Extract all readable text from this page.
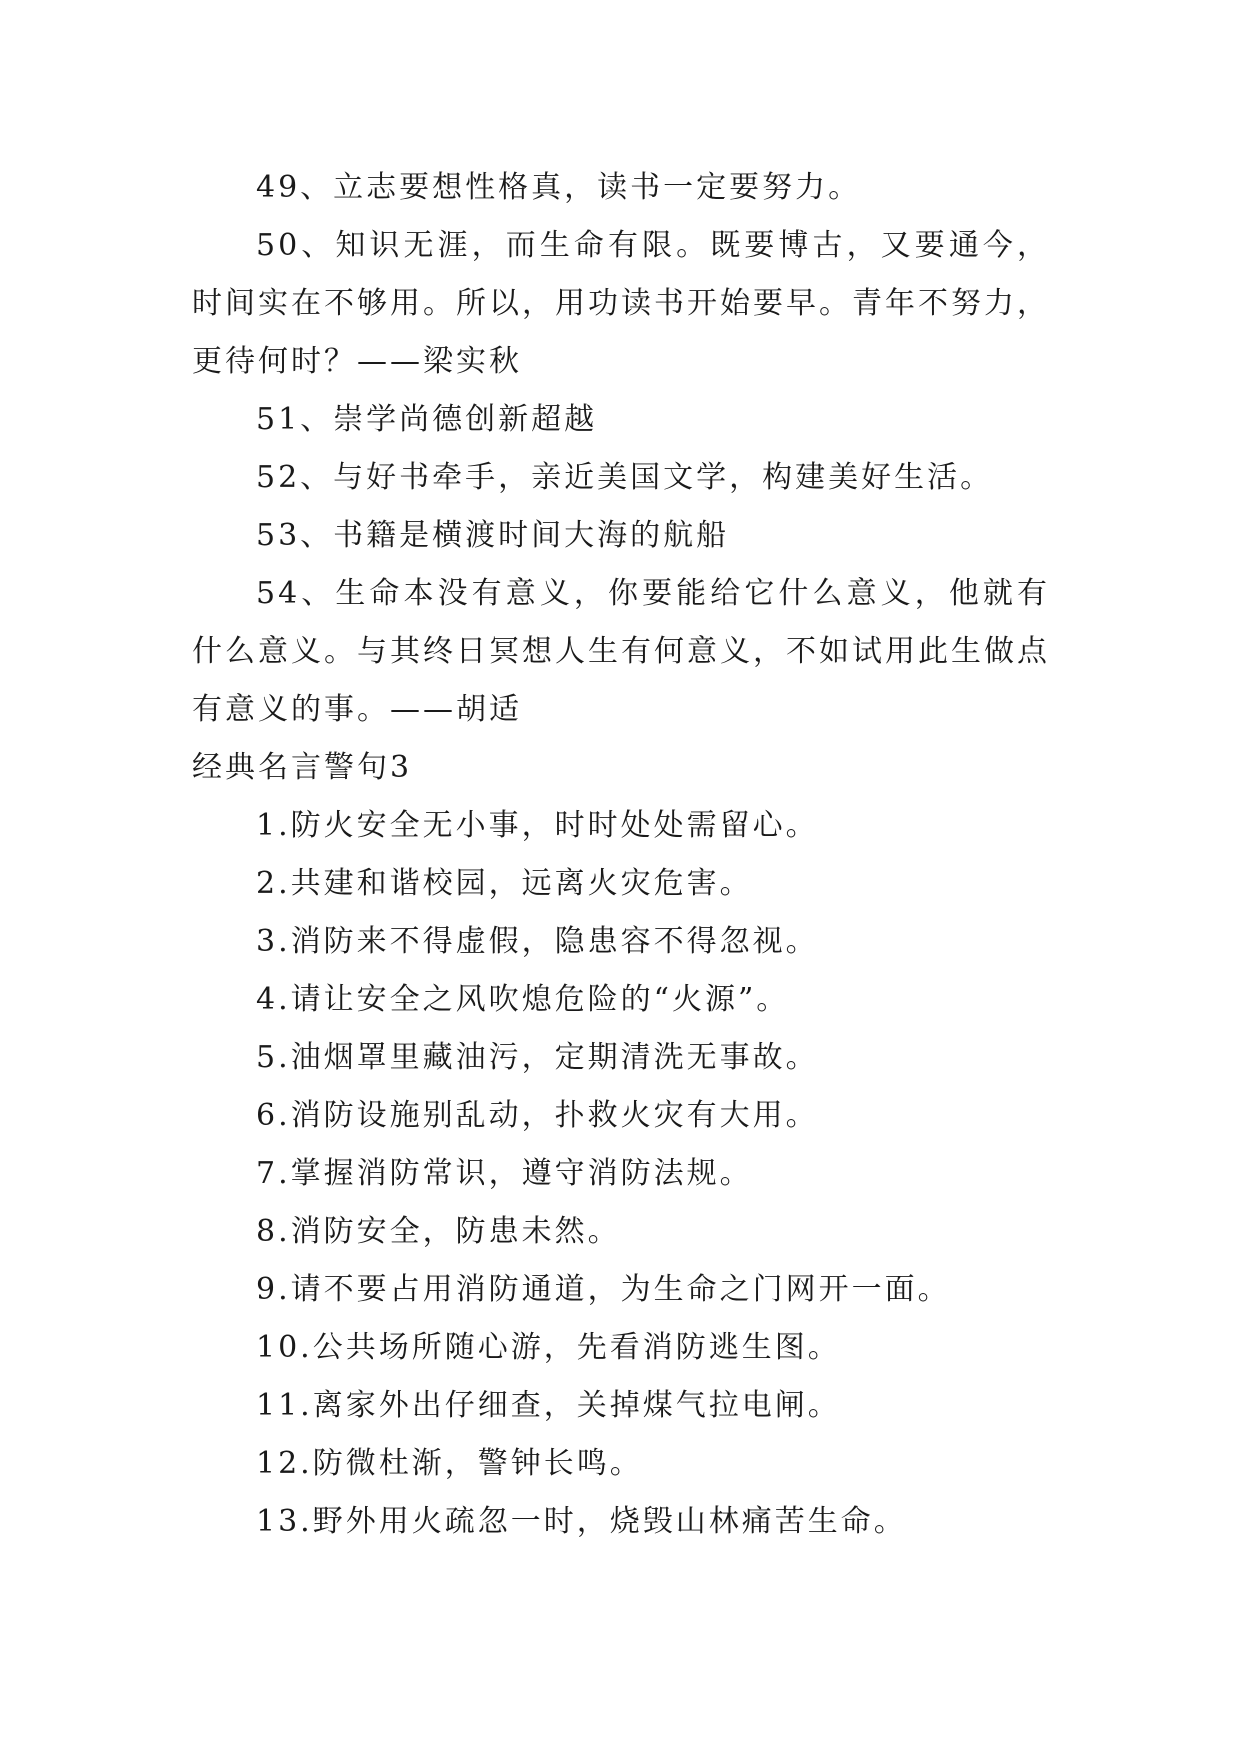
49、立志要想性格真，读书一定要努力。

50、知识无涯，而生命有限。既要博古，又要通今，时间实在不够用。所以，用功读书开始要早。青年不努力，更待何时？——梁实秋

51、崇学尚德创新超越

52、与好书牵手，亲近美国文学，构建美好生活。

53、书籍是横渡时间大海的航船

54、生命本没有意义，你要能给它什么意义，他就有什么意义。与其终日冥想人生有何意义，不如试用此生做点有意义的事。——胡适

经典名言警句3

1.防火安全无小事，时时处处需留心。

2.共建和谐校园，远离火灾危害。

3.消防来不得虚假，隐患容不得忽视。

4.请让安全之风吹熄危险的“火源”。

5.油烟罩里藏油污，定期清洗无事故。

6.消防设施别乱动，扑救火灾有大用。

7.掌握消防常识，遵守消防法规。

8.消防安全，防患未然。

9.请不要占用消防通道，为生命之门网开一面。

10.公共场所随心游，先看消防逃生图。

11.离家外出仔细查，关掉煤气拉电闸。

12.防微杜渐，警钟长鸣。

13.野外用火疏忽一时，烧毁山林痛苦生命。
